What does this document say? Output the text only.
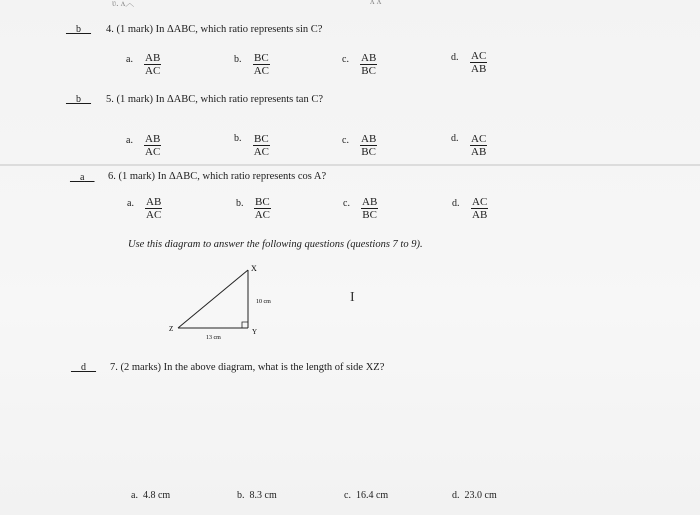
ʋ. ʌ︿	ʌ ʌ
__b__ 4. (1 mark) In ΔABC, which ratio represents sin C?
a. $\frac{AB}{AC}$	b. $\frac{BC}{AC}$	c. $\frac{AB}{BC}$	d. $\frac{AC}{AB}$
__b__ 5. (1 mark) In ΔABC, which ratio represents tan C?
a. $\frac{AB}{AC}$	b. $\frac{BC}{AC}$	c. $\frac{AB}{BC}$	d. $\frac{AC}{AB}$
__a__ 6. (1 mark) In ΔABC, which ratio represents cos A?
a. $\frac{AB}{AC}$	b. $\frac{BC}{AC}$	c. $\frac{AB}{BC}$	d. $\frac{AC}{AB}$
Use this diagram to answer the following questions (questions 7 to 9).
X
Y
Z
10 cm
13 cm
I
__d__ 7. (2 marks) In the above diagram, what is the length of side XZ?
a. 4.8 cm	b. 8.3 cm	c. 16.4 cm	d. 23.0 cm
